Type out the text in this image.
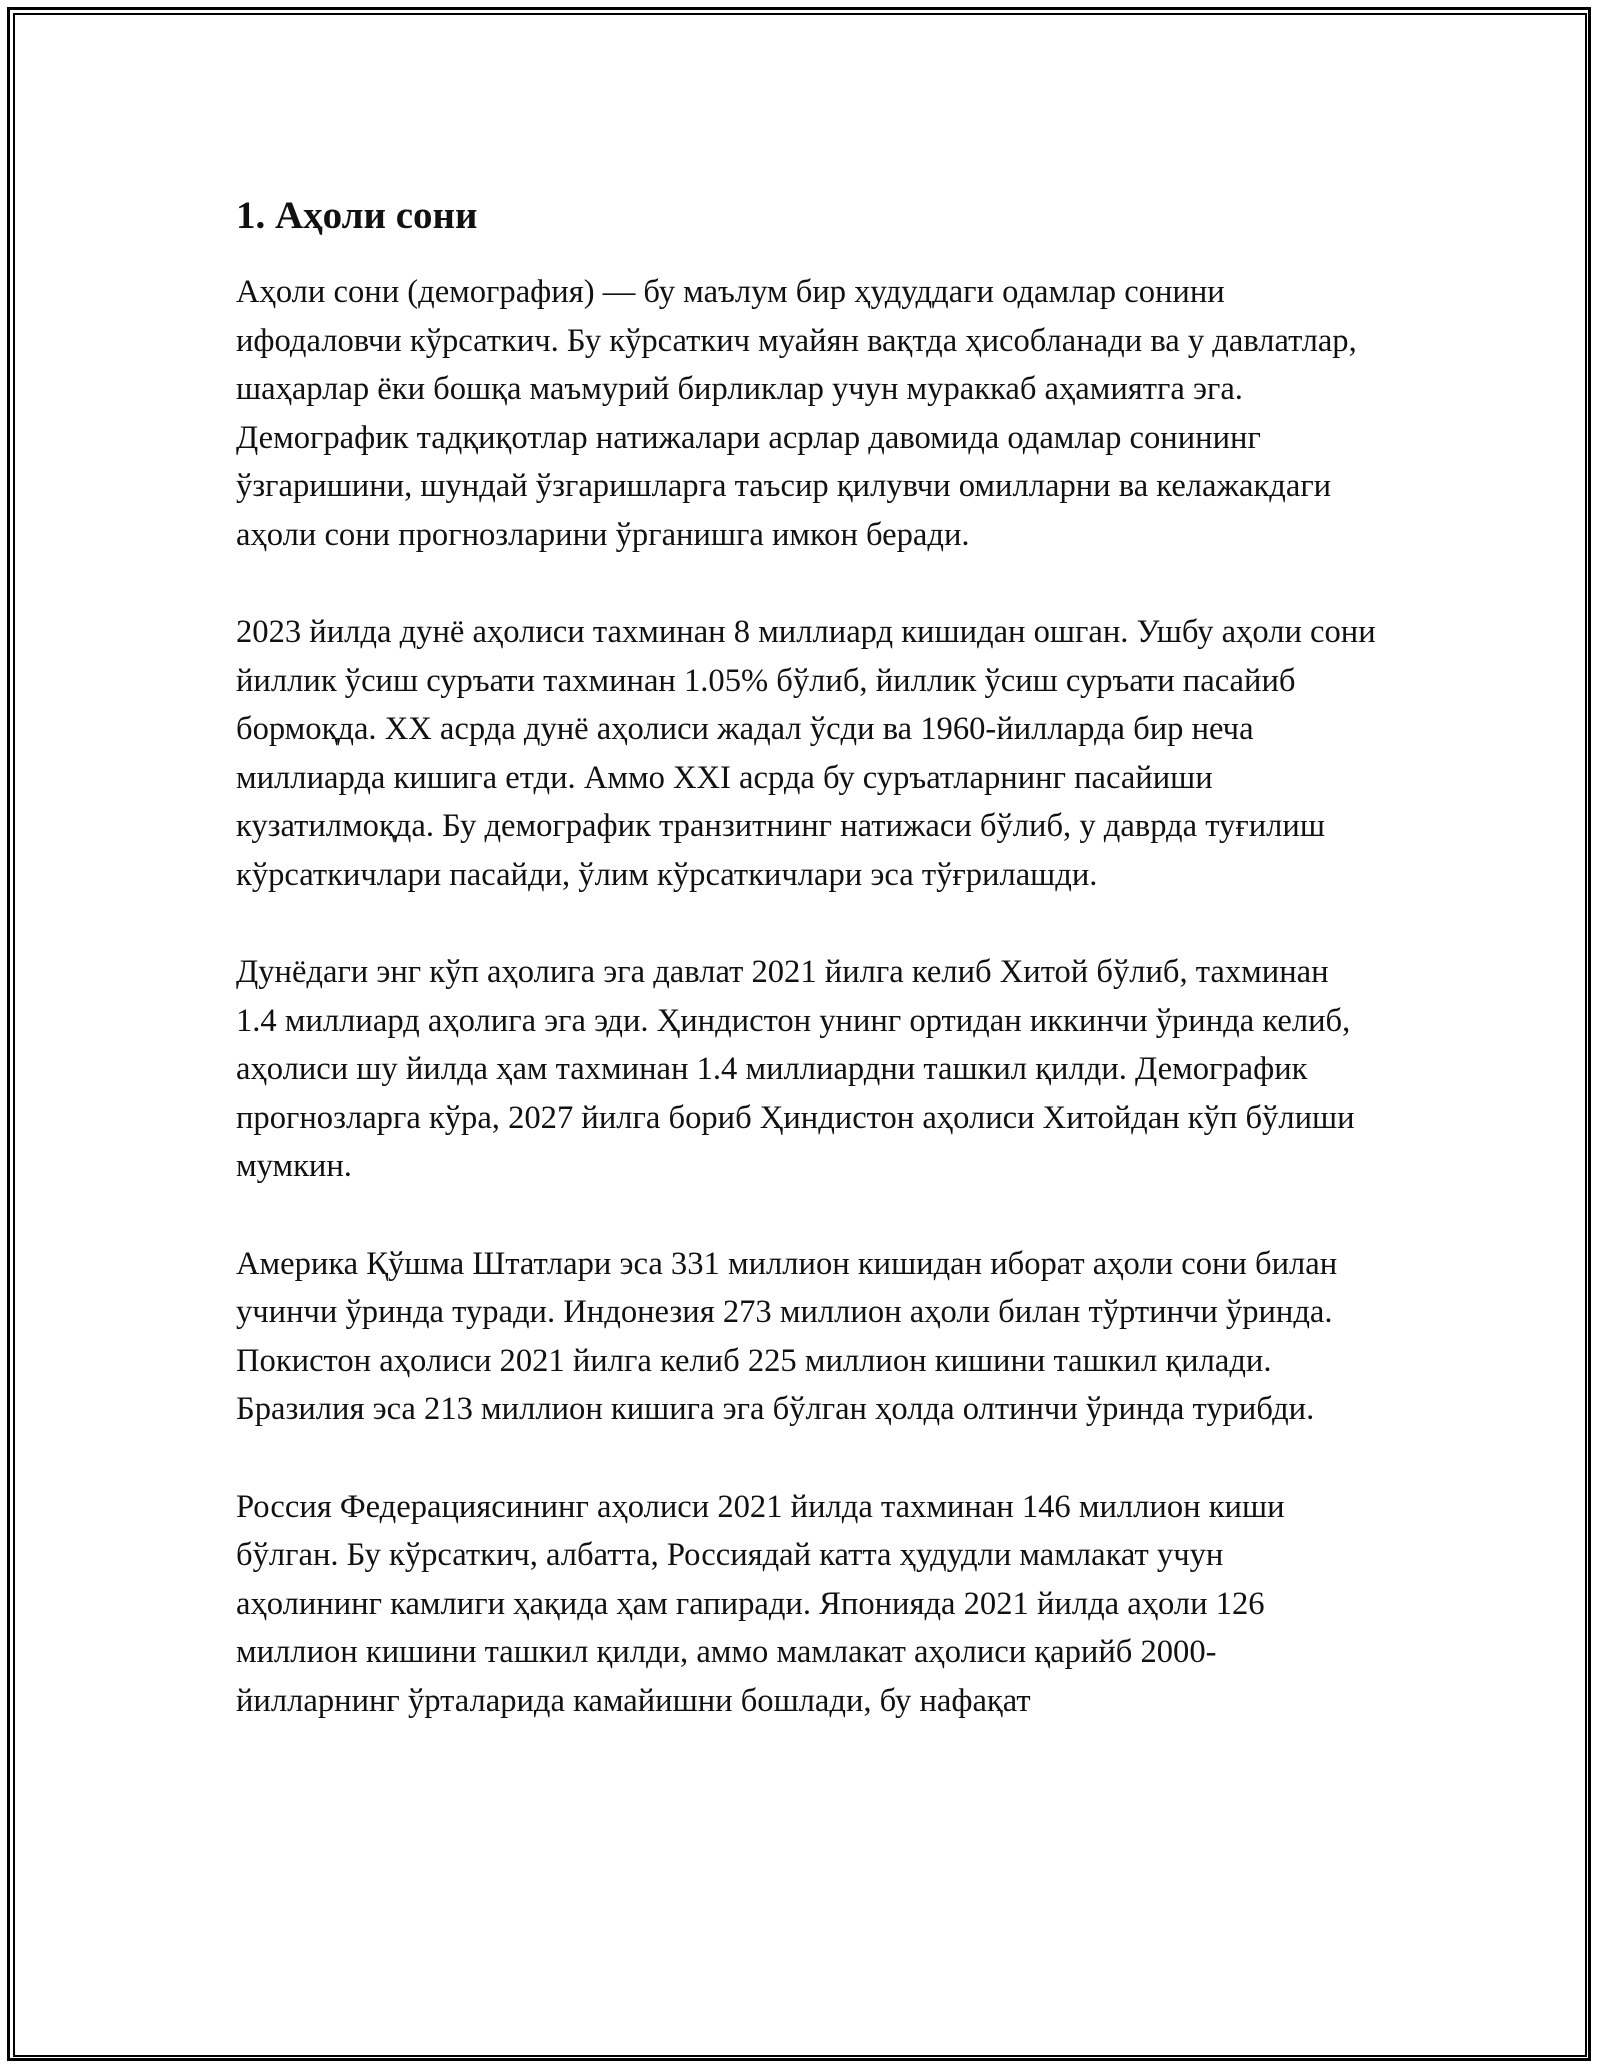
1. Аҳоли сони

Аҳоли сони (демография) — бу маълум бир ҳудуддаги одамлар сонини ифодаловчи кўрсаткич. Бу кўрсаткич муайян вақтда ҳисобланади ва у давлатлар, шаҳарлар ёки бошқа маъмурий бирликлар учун мураккаб аҳамиятга эга. Демографик тадқиқотлар натижалари асрлар давомида одамлар сонининг ўзгаришини, шундай ўзгаришларга таъсир қилувчи омилларни ва келажакдаги аҳоли сони прогнозларини ўрганишга имкон беради.

2023 йилда дунё аҳолиси тахминан 8 миллиард кишидан ошган. Ушбу аҳоли сони йиллик ўсиш суръати тахминан 1.05% бўлиб, йиллик ўсиш суръати пасайиб бормоқда. XX асрда дунё аҳолиси жадал ўсди ва 1960-йилларда бир неча миллиарда кишига етди. Аммо XXI асрда бу суръатларнинг пасайиши кузатилмоқда. Бу демографик транзитнинг натижаси бўлиб, у даврда туғилиш кўрсаткичлари пасайди, ўлим кўрсаткичлари эса тўғрилашди.

Дунёдаги энг кўп аҳолига эга давлат 2021 йилга келиб Хитой бўлиб, тахминан 1.4 миллиард аҳолига эга эди. Ҳиндистон унинг ортидан иккинчи ўринда келиб, аҳолиси шу йилда ҳам тахминан 1.4 миллиардни ташкил қилди. Демографик прогнозларга кўра, 2027 йилга бориб Ҳиндистон аҳолиси Хитойдан кўп бўлиши мумкин.

Америка Қўшма Штатлари эса 331 миллион кишидан иборат аҳоли сони билан учинчи ўринда туради. Индонезия 273 миллион аҳоли билан тўртинчи ўринда. Покистон аҳолиси 2021 йилга келиб 225 миллион кишини ташкил қилади. Бразилия эса 213 миллион кишига эга бўлган ҳолда олтинчи ўринда турибди.

Россия Федерациясининг аҳолиси 2021 йилда тахминан 146 миллион киши бўлган. Бу кўрсаткич, албатта, Россиядай катта ҳудудли мамлакат учун аҳолининг камлиги ҳақида ҳам гапиради. Японияда 2021 йилда аҳоли 126 миллион кишини ташкил қилди, аммо мамлакат аҳолиси қарийб 2000-йилларнинг ўрталарида камайишни бошлади, бу нафақат
